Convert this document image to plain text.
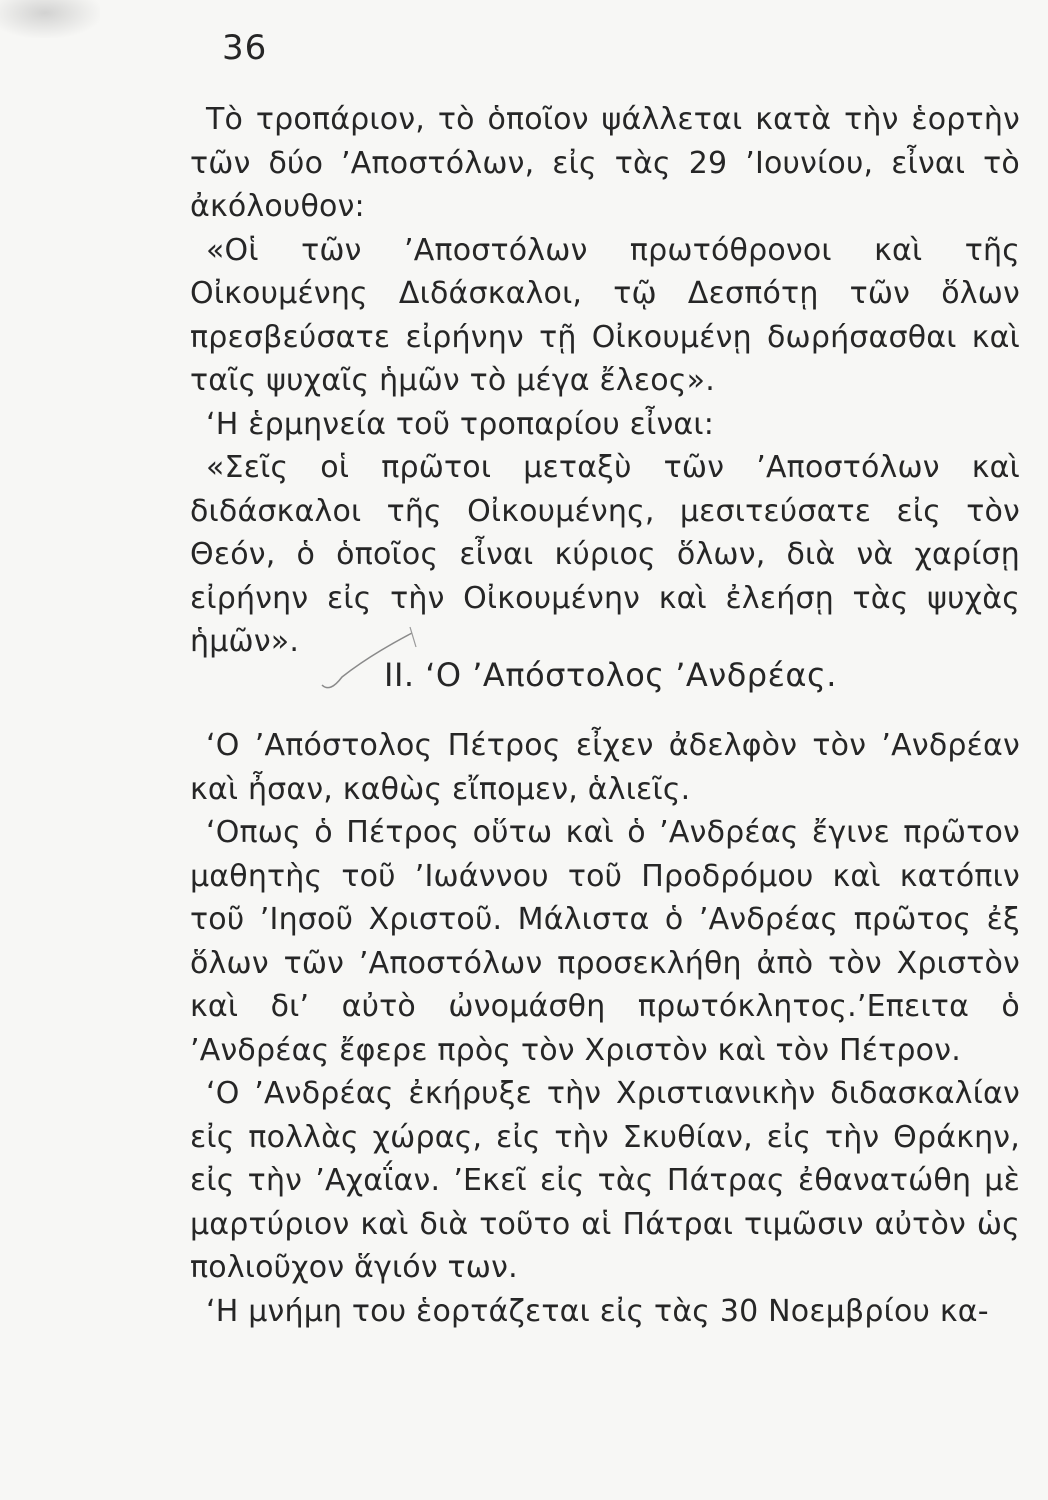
36

Τὸ τροπάριον, τὸ ὁποῖον ψάλλεται κατὰ τὴν ἑορτὴν τῶν δύο ’Αποστόλων, εἰς τὰς 29 ’Ιουνίου, εἶναι τὸ ἀκόλουθον:

«Οἱ τῶν ’Αποστόλων πρωτόθρονοι καὶ τῆς Οἰκουμένης Διδάσκαλοι, τῷ Δεσπότῃ τῶν ὅλων πρεσβεύσατε εἰρήνην τῇ Οἰκουμένῃ δωρήσασθαι καὶ ταῖς ψυχαῖς ἡμῶν τὸ μέγα ἔλεος».

‘Η ἑρμηνεία τοῦ τροπαρίου εἶναι:

«Σεῖς οἱ πρῶτοι μεταξὺ τῶν ’Αποστόλων καὶ διδάσκαλοι τῆς Οἰκουμένης, μεσιτεύσατε εἰς τὸν Θεόν, ὁ ὁποῖος εἶναι κύριος ὅλων, διὰ νὰ χαρίσῃ εἰρήνην εἰς τὴν Οἰκουμένην καὶ ἐλεήσῃ τὰς ψυχὰς ἡμῶν».

ΙΙ. ‘Ο ’Απόστολος ’Ανδρέας.

‘Ο ’Απόστολος Πέτρος εἶχεν ἀδελφὸν τὸν ’Ανδρέαν καὶ ἦσαν, καθὼς εἴπομεν, ἁλιεῖς.

‘Οπως ὁ Πέτρος οὕτω καὶ ὁ ’Ανδρέας ἔγινε πρῶτον μαθητὴς τοῦ ’Ιωάννου τοῦ Προδρόμου καὶ κατόπιν τοῦ ’Ιησοῦ Χριστοῦ. Μάλιστα ὁ ’Ανδρέας πρῶτος ἐξ ὅλων τῶν ’Αποστόλων προσεκλήθη ἀπὸ τὸν Χριστὸν καὶ δι’ αὐτὸ ὠνομάσθη πρωτόκλητος.’Επειτα ὁ ’Ανδρέας ἔφερε πρὸς τὸν Χριστὸν καὶ τὸν Πέτρον.

‘Ο ’Ανδρέας ἐκήρυξε τὴν Χριστιανικὴν διδασκαλίαν εἰς πολλὰς χώρας, εἰς τὴν Σκυθίαν, εἰς τὴν Θράκην, εἰς τὴν ’Αχαΐαν. ’Εκεῖ εἰς τὰς Πάτρας ἐθανατώθη μὲ μαρτύριον καὶ διὰ τοῦτο αἱ Πάτραι τιμῶσιν αὐτὸν ὡς πολιοῦχον ἅγιόν των.

‘Η μνήμη του ἑορτάζεται εἰς τὰς 30 Νοεμβρίου κα-
